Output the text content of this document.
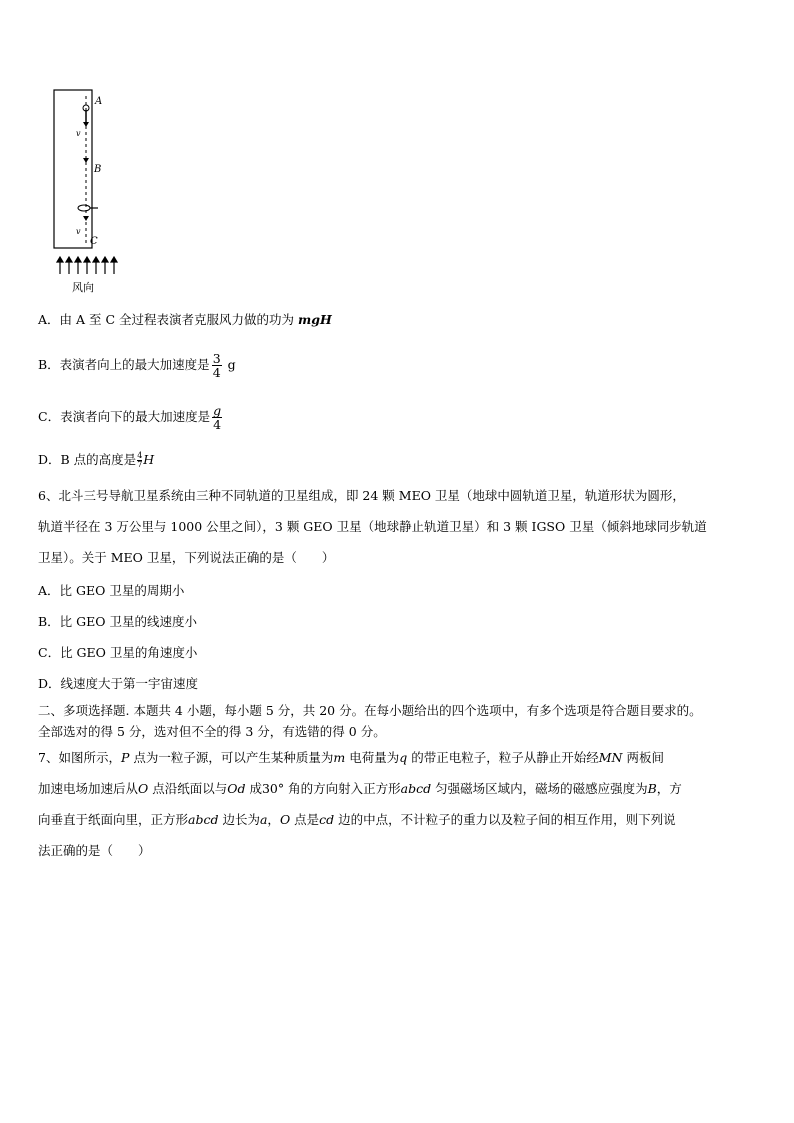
A
v
B
v
C
风向
A．由 A 至 C 全过程表演者克服风力做的功为 mgH
B．表演者向上的最大加速度是 $\frac{3}{4}$ g
C．表演者向下的最大加速度是 $\frac{g}{4}$
D．B 点的高度是 $\frac{4}{7}$ H
6、北斗三号导航卫星系统由三种不同轨道的卫星组成，即 24 颗 MEO 卫星（地球中圆轨道卫星，轨道形状为圆形，
轨道半径在 3 万公里与 1000 公里之间），3 颗 GEO 卫星（地球静止轨道卫星）和 3 颗 IGSO 卫星（倾斜地球同步轨道
卫星）。关于 MEO 卫星，下列说法正确的是（　　）
A．比 GEO 卫星的周期小
B．比 GEO 卫星的线速度小
C．比 GEO 卫星的角速度小
D．线速度大于第一宇宙速度
二、多项选择题. 本题共 4 小题，每小题 5 分，共 20 分。在每小题给出的四个选项中，有多个选项是符合题目要求的。
全部选对的得 5 分，选对但不全的得 3 分，有选错的得 0 分。
7、如图所示，P 点为一粒子源，可以产生某种质量为m 电荷量为q 的带正电粒子，粒子从静止开始经MN 两板间
加速电场加速后从O 点沿纸面以与Od 成30° 角的方向射入正方形abcd 匀强磁场区域内，磁场的磁感应强度为B，方
向垂直于纸面向里，正方形abcd 边长为a，O 点是cd 边的中点，不计粒子的重力以及粒子间的相互作用，则下列说
法正确的是（　　）
